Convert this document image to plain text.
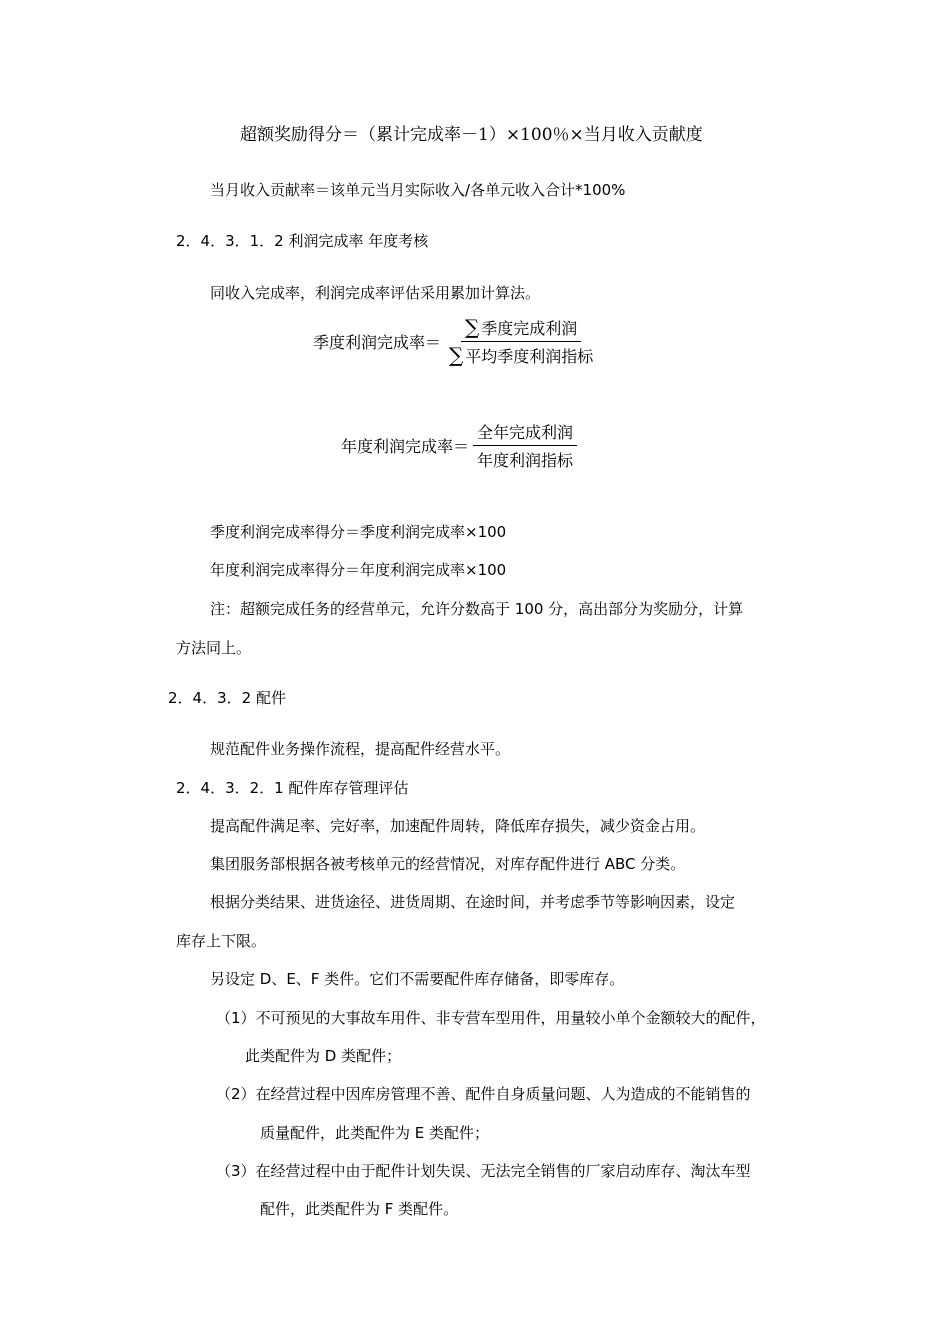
超额奖励得分＝（累计完成率－1）×100％×当月收入贡献度
当月收入贡献率＝该单元当月实际收入/各单元收入合计*100%
2．4．3．1．2 利润完成率 年度考核
同收入完成率，利润完成率评估采用累加计算法。
季度利润完成率＝ $\frac{\text{∑ 季度完成利润}}{\text{∑ 平均季度利润指标}}$
年度利润完成率＝ $\frac{\text{全年完成利润}}{\text{年度利润指标}}$
季度利润完成率得分＝季度利润完成率×100
年度利润完成率得分＝年度利润完成率×100
注：超额完成任务的经营单元，允许分数高于 100 分，高出部分为奖励分，计算
方法同上。
2．4．3．2 配件
规范配件业务操作流程，提高配件经营水平。
2．4．3．2．1 配件库存管理评估
提高配件满足率、完好率，加速配件周转，降低库存损失，减少资金占用。
集团服务部根据各被考核单元的经营情况，对库存配件进行 ABC 分类。
根据分类结果、进货途径、进货周期、在途时间，并考虑季节等影响因素，设定
库存上下限。
另设定 D、E、F 类件。它们不需要配件库存储备，即零库存。
（1）不可预见的大事故车用件、非专营车型用件，用量较小单个金额较大的配件，
此类配件为 D 类配件；
（2）在经营过程中因库房管理不善、配件自身质量问题、人为造成的不能销售的
质量配件，此类配件为 E 类配件；
（3）在经营过程中由于配件计划失误、无法完全销售的厂家启动库存、淘汰车型
配件，此类配件为 F 类配件。
